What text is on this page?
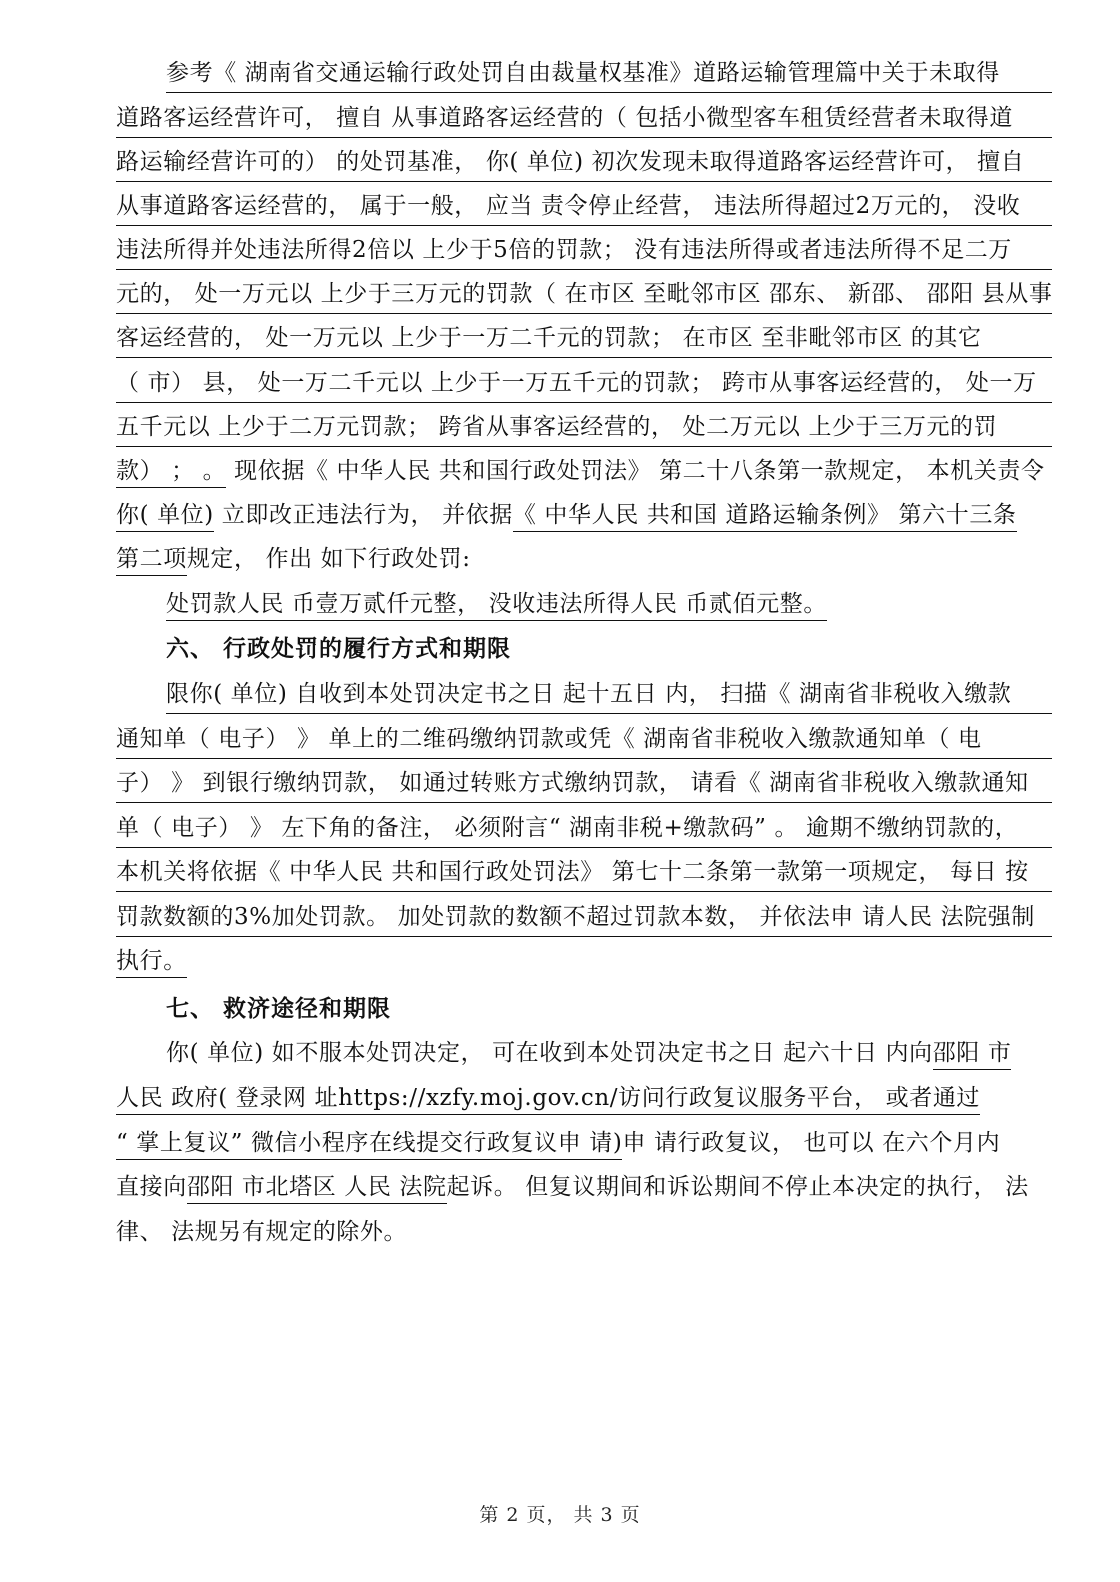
参考《 湖南省交通运输行政处罚自由裁量权基准》道路运输管理篇中关于未取得
道路客运经营许可， 擅自 从事道路客运经营的（ 包括小微型客车租赁经营者未取得道
路运输经营许可的） 的处罚基准， 你( 单位) 初次发现未取得道路客运经营许可， 擅自
从事道路客运经营的， 属于一般， 应当 责令停止经营， 违法所得超过2万元的， 没收
违法所得并处违法所得2倍以 上少于5倍的罚款； 没有违法所得或者违法所得不足二万
元的， 处一万元以 上少于三万元的罚款（ 在市区 至毗邻市区 邵东、 新邵、 邵阳 县从事
客运经营的， 处一万元以 上少于一万二千元的罚款； 在市区 至非毗邻市区 的其它
（ 市） 县， 处一万二千元以 上少于一万五千元的罚款； 跨市从事客运经营的， 处一万
五千元以 上少于二万元罚款； 跨省从事客运经营的， 处二万元以 上少于三万元的罚
款） ； 。 现依据《 中华人民 共和国行政处罚法》 第二十八条第一款规定， 本机关责令
你( 单位) 立即改正违法行为， 并依据《 中华人民 共和国 道路运输条例》 第六十三条
第二项规定， 作出 如下行政处罚:
处罚款人民 币壹万贰仟元整， 没收违法所得人民 币贰佰元整。
六、 行政处罚的履行方式和期限
限你( 单位) 自收到本处罚决定书之日 起十五日 内， 扫描《 湖南省非税收入缴款
通知单（ 电子） 》 单上的二维码缴纳罚款或凭《 湖南省非税收入缴款通知单（ 电
子） 》 到银行缴纳罚款， 如通过转账方式缴纳罚款， 请看《 湖南省非税收入缴款通知
单（ 电子） 》 左下角的备注， 必须附言“ 湖南非税+缴款码” 。 逾期不缴纳罚款的，
本机关将依据《 中华人民 共和国行政处罚法》 第七十二条第一款第一项规定， 每日 按
罚款数额的3%加处罚款。 加处罚款的数额不超过罚款本数， 并依法申 请人民 法院强制
执行。
七、 救济途径和期限
你( 单位) 如不服本处罚决定， 可在收到本处罚决定书之日 起六十日 内向邵阳 市
人民 政府( 登录网 址https://xzfy.moj.gov.cn/访问行政复议服务平台， 或者通过
“ 掌上复议” 微信小程序在线提交行政复议申 请)申 请行政复议， 也可以 在六个月内
直接向邵阳 市北塔区 人民 法院起诉。 但复议期间和诉讼期间不停止本决定的执行， 法
律、 法规另有规定的除外。
第 2 页， 共 3 页
